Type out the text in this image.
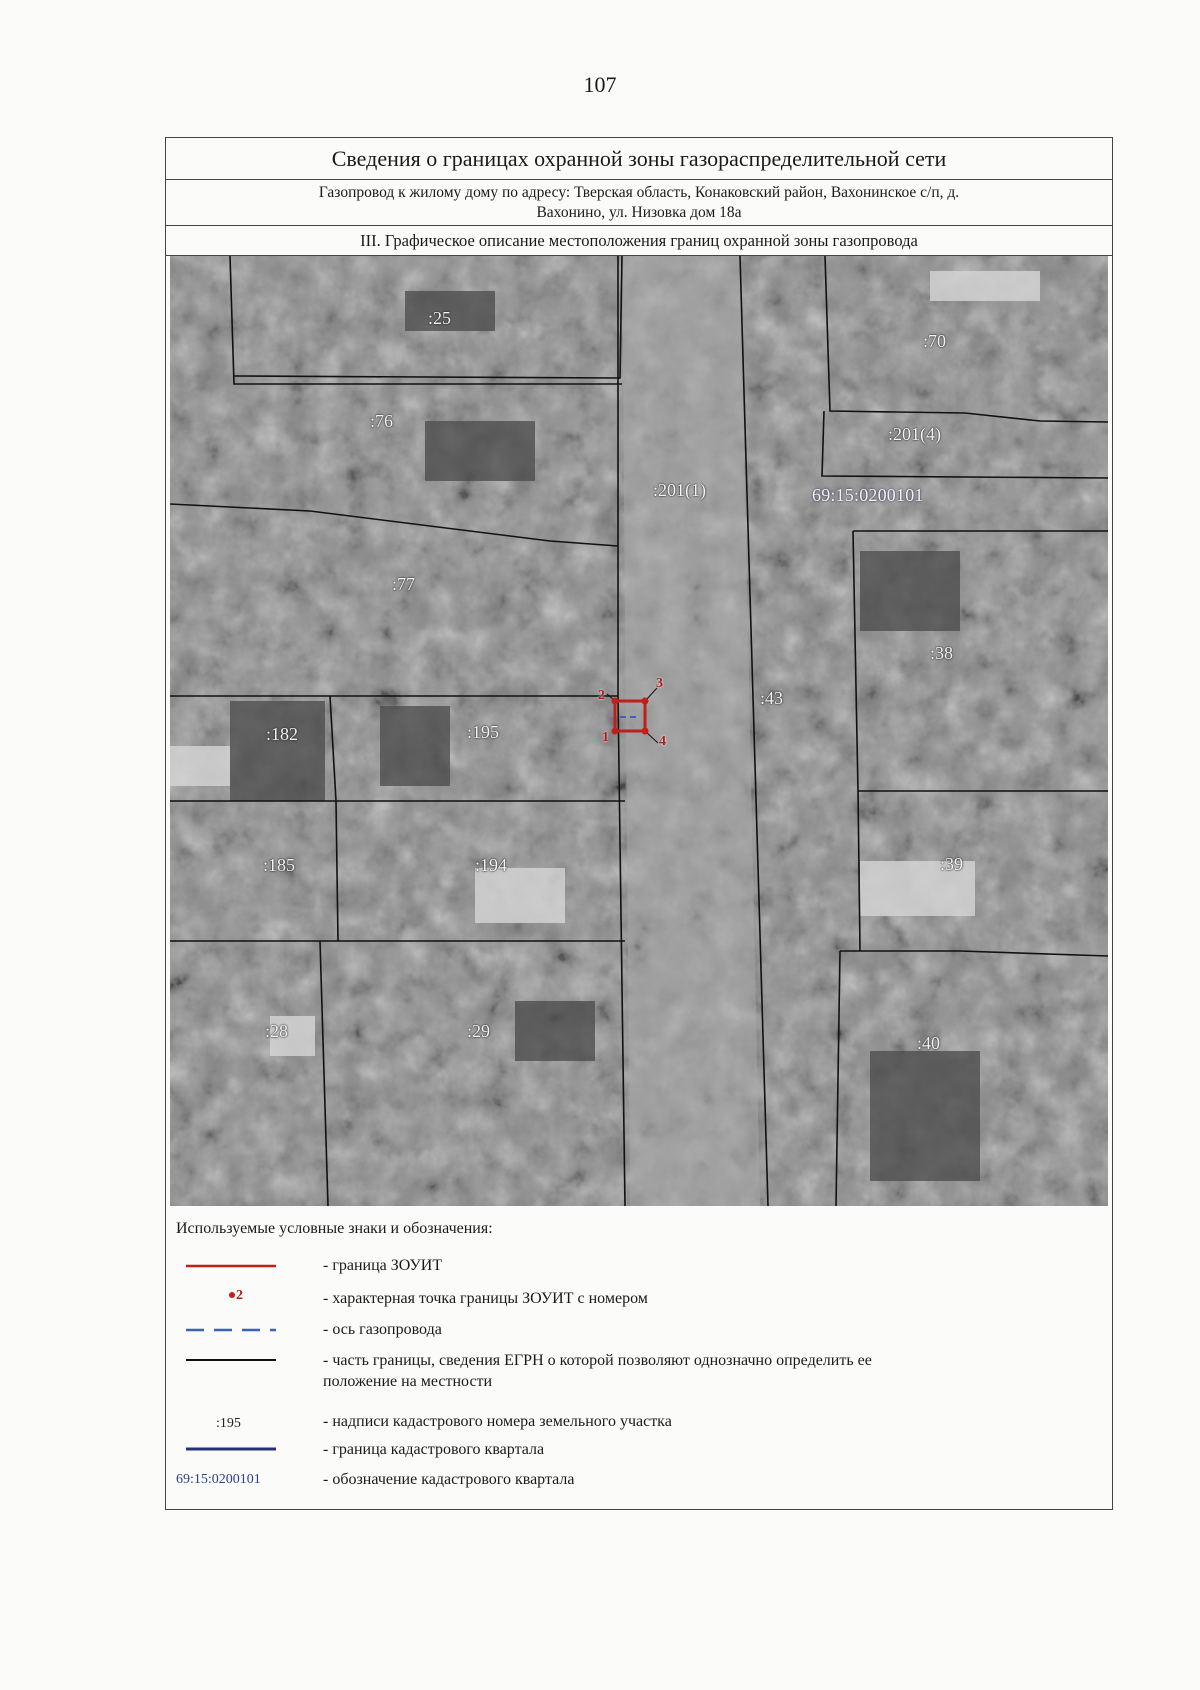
107
Сведения о границах охранной зоны газораспределительной сети
Газопровод к жилому дому по адресу: Тверская область, Конаковский район, Вахонинское с/п, д.
Вахонино, ул. Низовка дом 18а
III. Графическое описание местоположения границ охранной зоны газопровода
:25
:70
:76
:201(4)
:201(1)	69:15:0200101
:77
:38
:43
:182	:195
:185	:194	:39
:28	:29
:40
1
2
3
4
Используемые условные знаки и обозначения:
- граница ЗОУИТ
2	- характерная точка границы ЗОУИТ с номером
- ось газопровода
- часть границы, сведения ЕГРН о которой позволяют однозначно определить ее
положение на местности
:195	- надписи кадастрового номера земельного участка
- граница кадастрового квартала
69:15:0200101	- обозначение кадастрового квартала
